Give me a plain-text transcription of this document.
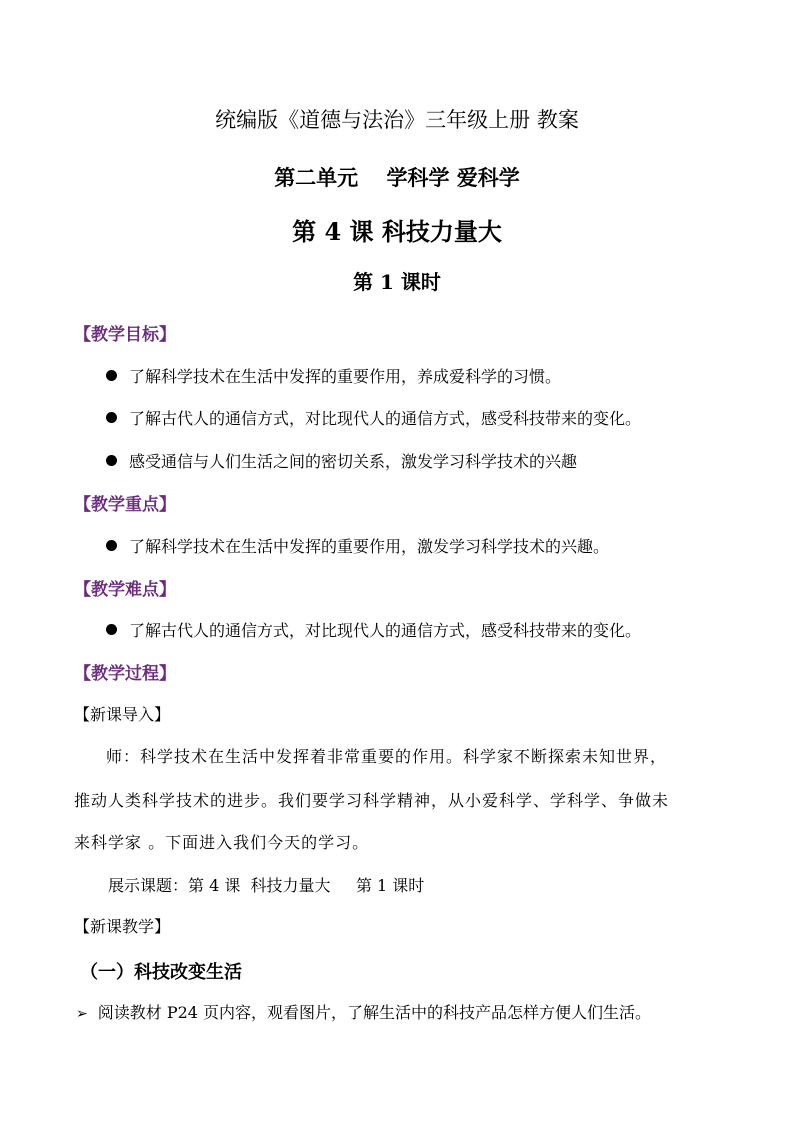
统编版《道德与法治》三年级上册 教案
第二单元　 学科学 爱科学
第 4 课 科技力量大
第 1 课时
【教学目标】
了解科学技术在生活中发挥的重要作用，养成爱科学的习惯。
了解古代人的通信方式，对比现代人的通信方式，感受科技带来的变化。
感受通信与人们生活之间的密切关系，激发学习科学技术的兴趣
【教学重点】
了解科学技术在生活中发挥的重要作用，激发学习科学技术的兴趣。
【教学难点】
了解古代人的通信方式，对比现代人的通信方式，感受科技带来的变化。
【教学过程】
【新课导入】
师：科学技术在生活中发挥着非常重要的作用。科学家不断探索未知世界，
推动人类科学技术的进步。我们要学习科学精神，从小爱科学、学科学、争做未
来科学家 。下面进入我们今天的学习。
展示课题：第 4 课  科技力量大     第 1 课时
【新课教学】
（一）科技改变生活
➢ 阅读教材 P24 页内容，观看图片，了解生活中的科技产品怎样方便人们生活。
